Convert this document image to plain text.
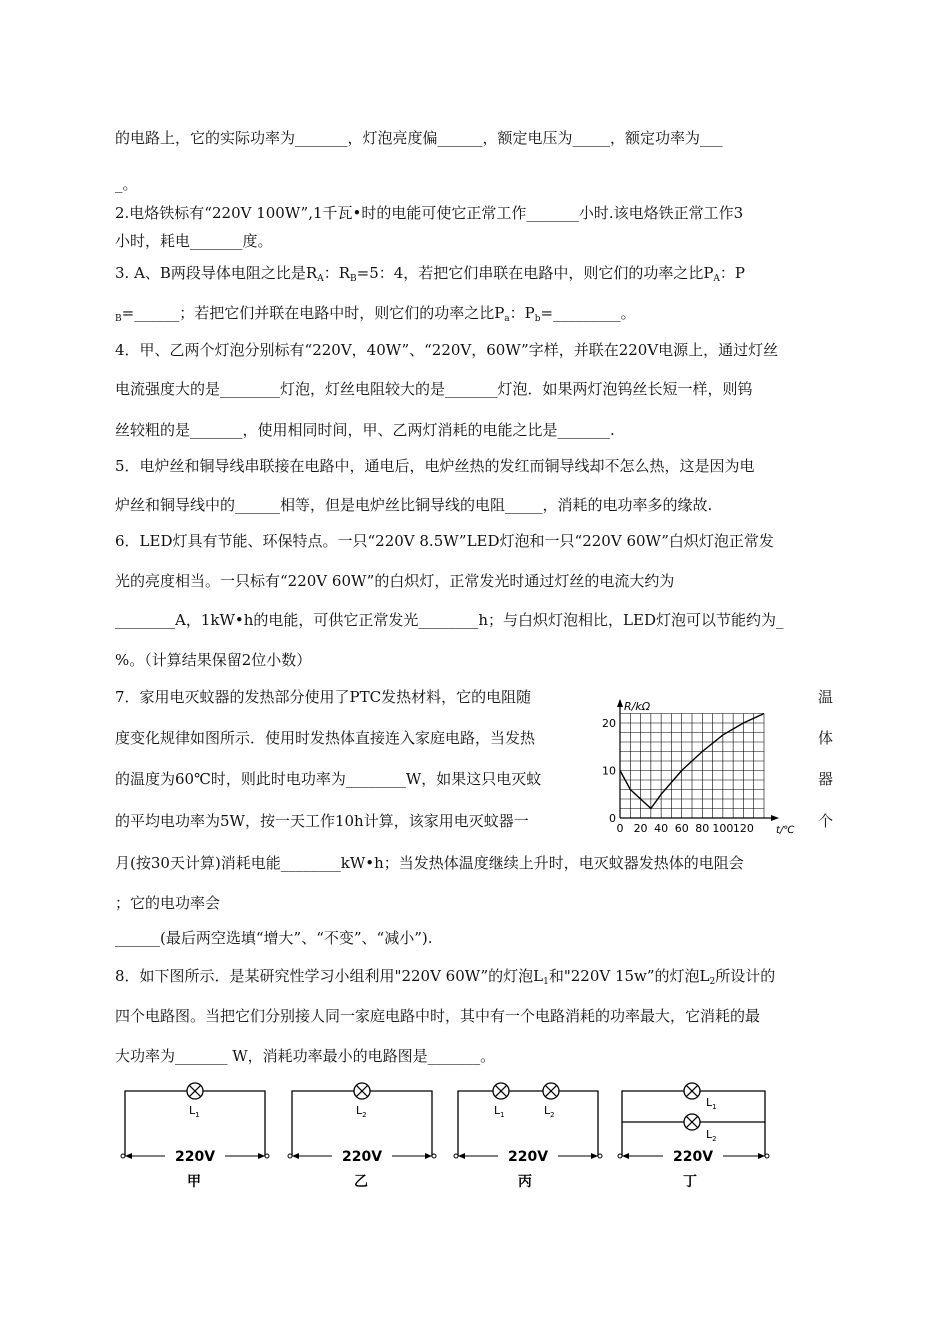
的电路上，它的实际功率为_______，灯泡亮度偏______，额定电压为_____，额定功率为___
_。
2.电烙铁标有“220V 100W”,1千瓦•时的电能可使它正常工作_______小时.该电烙铁正常工作3
小时，耗电_______度。
3. A、B两段导体电阻之比是$R_A$：$R_B=5$：4，若把它们串联在电路中，则它们的功率之比$P_A$：P
$_B$=______；若把它们并联在电路中时，则它们的功率之比$P_a$：$P_b=\_\_\_\_\_\_\_\_\_$。
4．甲、乙两个灯泡分别标有“220V，40W”、“220V，60W”字样，并联在220V电源上，通过灯丝
电流强度大的是________灯泡，灯丝电阻较大的是_______灯泡．如果两灯泡钨丝长短一样，则钨
丝较粗的是_______，使用相同时间，甲、乙两灯消耗的电能之比是_______.
5．电炉丝和铜导线串联接在电路中，通电后，电炉丝热的发红而铜导线却不怎么热，这是因为电
炉丝和铜导线中的______相等，但是电炉丝比铜导线的电阻_____，消耗的电功率多的缘故.
6．LED灯具有节能、环保特点。一只“220V 8.5W”LED灯泡和一只“220V 60W”白炽灯泡正常发
光的亮度相当。一只标有“220V 60W”的白炽灯，正常发光时通过灯丝的电流大约为
________A，1kW•h的电能，可供它正常发光________h；与白炽灯泡相比，LED灯泡可以节能约为_
%。（计算结果保留2位小数）
7．家用电灭蚊器的发热部分使用了PTC发热材料，它的电阻随	温
度变化规律如图所示．使用时发热体直接连入家庭电路，当发热	体
的温度为60℃时，则此时电功率为________W，如果这只电灭蚊	器
的平均电功率为5W，按一天工作10h计算，该家用电灭蚊器一	个
月(按30天计算)消耗电能________kW•h；当发热体温度继续上升时，电灭蚊器发热体的电阻会
；它的电功率会
______(最后两空选填“增大”、“不变”、“减小”).
R/kΩ
t/℃
20
10
0
0 20 40 60 80 100 120
8．如下图所示．是某研究性学习小组利用"220V 60W”的灯泡$L_1$和"220V 15w”的灯泡$L_2$所设计的
四个电路图。当把它们分别接人同一家庭电路中时，其中有一个电路消耗的功率最大，它消耗的最
大功率为_______ W，消耗功率最小的电路图是_______。
$L_1$
220V
甲
$L_2$
220V
乙
$L_1$	$L_2$
220V
丙
$L_1$
$L_2$
220V
丁
